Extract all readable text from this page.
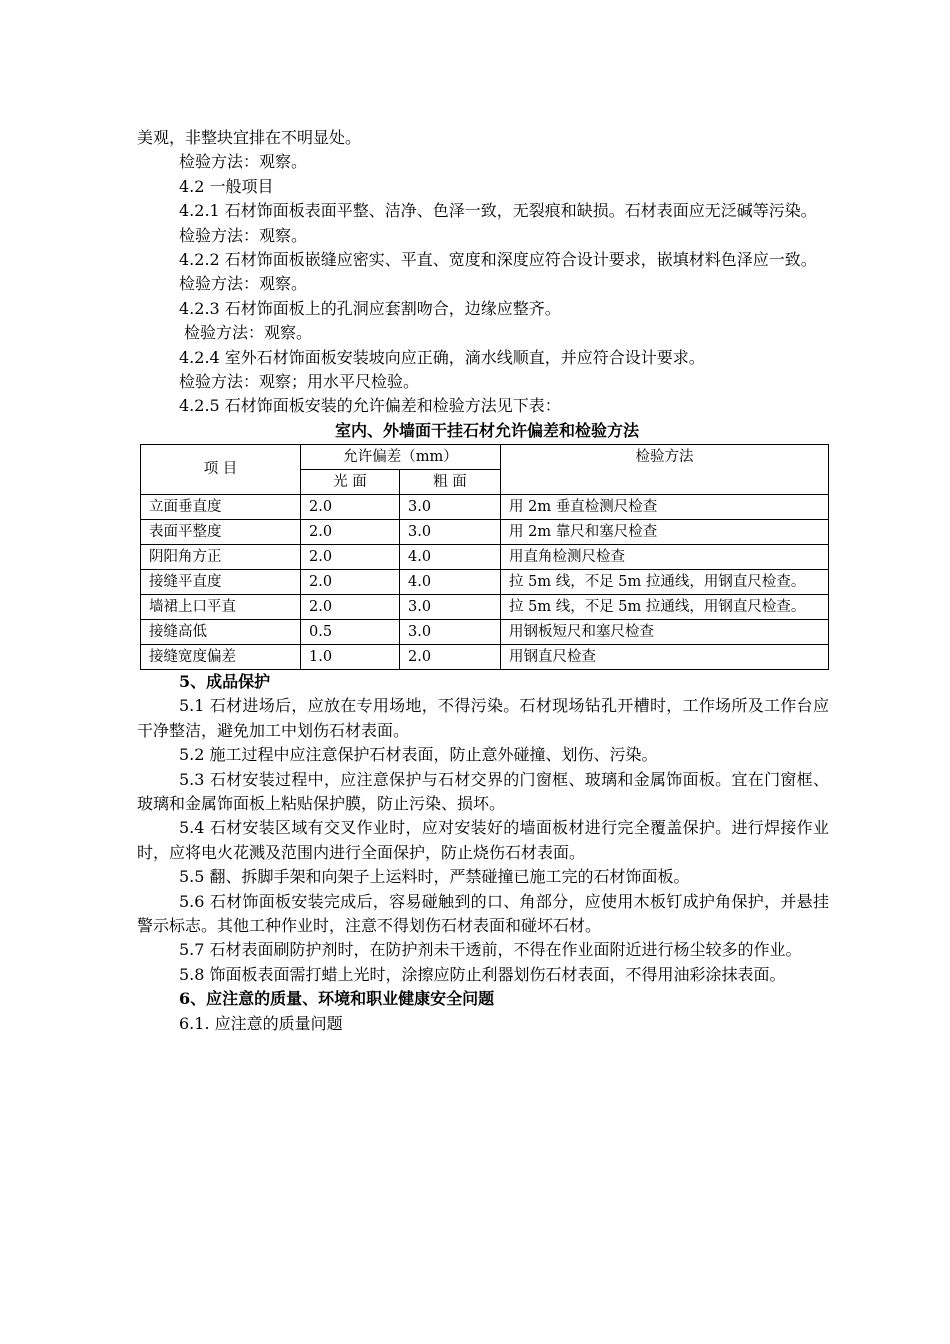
美观，非整块宜排在不明显处。

检验方法：观察。

4.2 一般项目

4.2.1 石材饰面板表面平整、洁净、色泽一致，无裂痕和缺损。石材表面应无泛碱等污染。

检验方法：观察。

4.2.2 石材饰面板嵌缝应密实、平直、宽度和深度应符合设计要求，嵌填材料色泽应一致。

检验方法：观察。

4.2.3 石材饰面板上的孔洞应套割吻合，边缘应整齐。

检验方法：观察。

4.2.4 室外石材饰面板安装坡向应正确，滴水线顺直，并应符合设计要求。

检验方法：观察；用水平尺检验。

4.2.5 石材饰面板安装的允许偏差和检验方法见下表：

室内、外墙面干挂石材允许偏差和检验方法

项 目	允许偏差（mm）		检验方法
	光 面	粗 面	
立面垂直度	2.0	3.0	用 2m 垂直检测尺检查
表面平整度	2.0	3.0	用 2m 靠尺和塞尺检查
阴阳角方正	2.0	4.0	用直角检测尺检查
接缝平直度	2.0	4.0	拉 5m 线，不足 5m 拉通线，用钢直尺检查。
墙裙上口平直	2.0	3.0	拉 5m 线，不足 5m 拉通线，用钢直尺检查。
接缝高低	0.5	3.0	用钢板短尺和塞尺检查
接缝宽度偏差	1.0	2.0	用钢直尺检查

5、成品保护

5.1 石材进场后，应放在专用场地，不得污染。石材现场钻孔开槽时，工作场所及工作台应干净整洁，避免加工中划伤石材表面。

5.2 施工过程中应注意保护石材表面，防止意外碰撞、划伤、污染。

5.3 石材安装过程中，应注意保护与石材交界的门窗框、玻璃和金属饰面板。宜在门窗框、玻璃和金属饰面板上粘贴保护膜，防止污染、损坏。

5.4 石材安装区域有交叉作业时，应对安装好的墙面板材进行完全覆盖保护。进行焊接作业时，应将电火花溅及范围内进行全面保护，防止烧伤石材表面。

5.5 翻、拆脚手架和向架子上运料时，严禁碰撞已施工完的石材饰面板。

5.6 石材饰面板安装完成后，容易碰触到的口、角部分，应使用木板钉成护角保护，并悬挂警示标志。其他工种作业时，注意不得划伤石材表面和碰坏石材。

5.7 石材表面刷防护剂时，在防护剂未干透前，不得在作业面附近进行杨尘较多的作业。

5.8 饰面板表面需打蜡上光时，涂擦应防止利器划伤石材表面，不得用油彩涂抹表面。

6、应注意的质量、环境和职业健康安全问题

6.1. 应注意的质量问题
